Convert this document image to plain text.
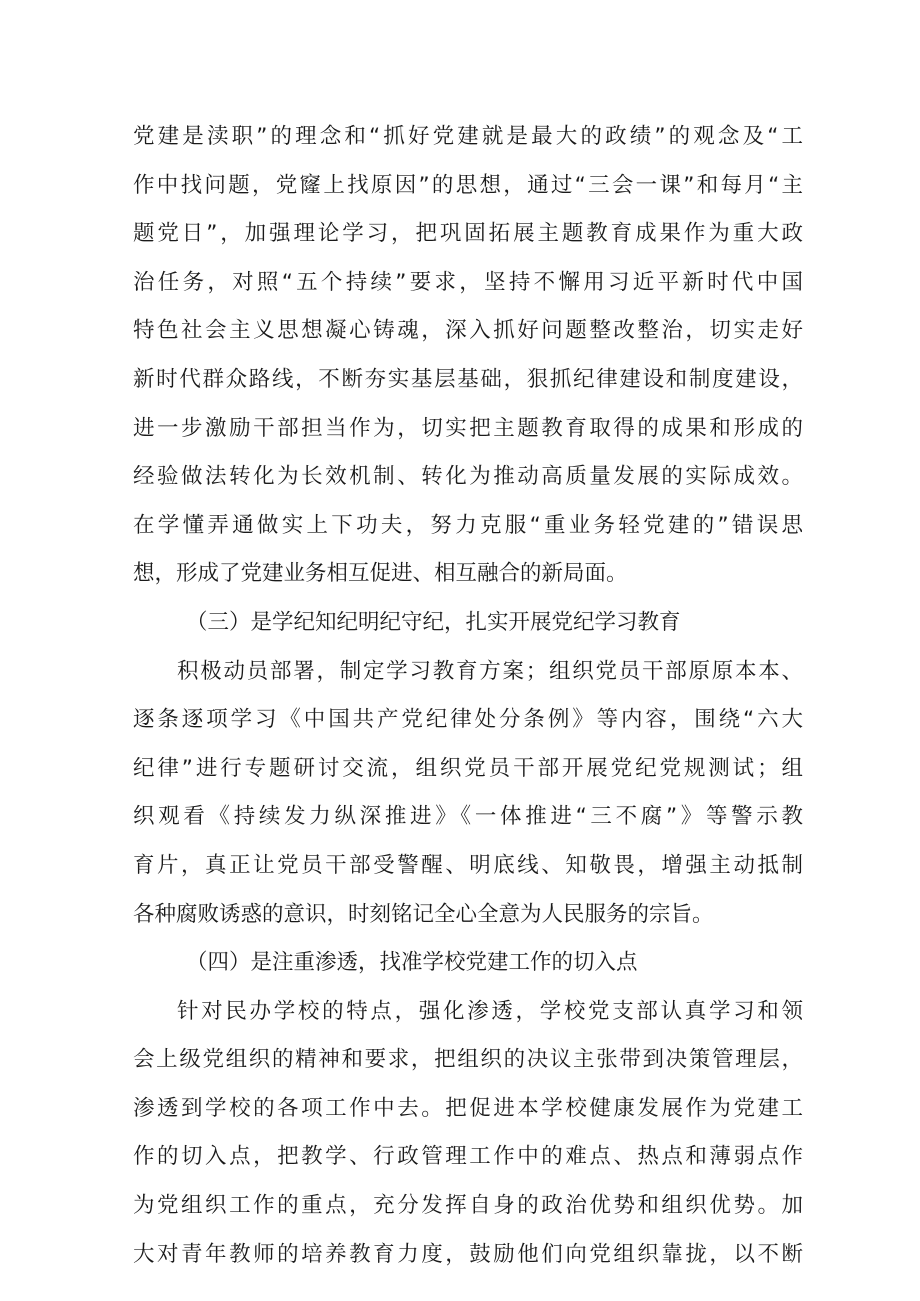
党建是渎职”的理念和“抓好党建就是最大的政绩”的观念及“工
作中找问题，党窿上找原因”的思想，通过“三会一课”和每月“主
题党日”，加强理论学习，把巩固拓展主题教育成果作为重大政
治任务，对照“五个持续”要求，坚持不懈用习近平新时代中国
特色社会主义思想凝心铸魂，深入抓好问题整改整治，切实走好
新时代群众路线，不断夯实基层基础，狠抓纪律建设和制度建设，
进一步激励干部担当作为，切实把主题教育取得的成果和形成的
经验做法转化为长效机制、转化为推动高质量发展的实际成效。
在学懂弄通做实上下功夫，努力克服“重业务轻党建的”错误思
想，形成了党建业务相互促进、相互融合的新局面。
（三）是学纪知纪明纪守纪，扎实开展党纪学习教育
积极动员部署，制定学习教育方案；组织党员干部原原本本、
逐条逐项学习《中国共产党纪律处分条例》等内容，围绕“六大
纪律”进行专题研讨交流，组织党员干部开展党纪党规测试；组
织观看《持续发力纵深推进》《一体推进“三不腐”》等警示教
育片，真正让党员干部受警醒、明底线、知敬畏，增强主动抵制
各种腐败诱惑的意识，时刻铭记全心全意为人民服务的宗旨。
（四）是注重渗透，找准学校党建工作的切入点
针对民办学校的特点，强化渗透，学校党支部认真学习和领
会上级党组织的精神和要求，把组织的决议主张带到决策管理层，
渗透到学校的各项工作中去。把促进本学校健康发展作为党建工
作的切入点，把教学、行政管理工作中的难点、热点和薄弱点作
为党组织工作的重点，充分发挥自身的政治优势和组织优势。加
大对青年教师的培养教育力度，鼓励他们向党组织靠拢，以不断
